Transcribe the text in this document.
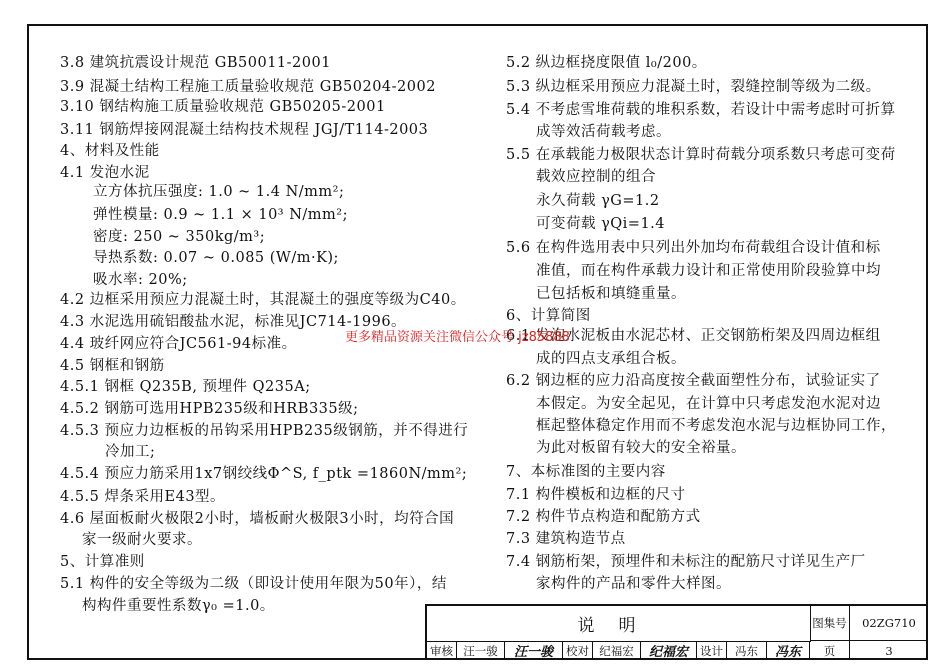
3.8 建筑抗震设计规范 GB50011-2001
3.9 混凝土结构工程施工质量验收规范 GB50204-2002
3.10 钢结构施工质量验收规范 GB50205-2001
3.11 钢筋焊接网混凝土结构技术规程 JGJ/T114-2003
4、材料及性能
4.1 发泡水泥
立方体抗压强度: 1.0 ~ 1.4 N/mm²;
弹性模量: 0.9 ~ 1.1 × 10³ N/mm²;
密度: 250 ~ 350kg/m³;
导热系数: 0.07 ~ 0.085 (W/m·K);
吸水率: 20%;
4.2 边框采用预应力混凝土时，其混凝土的强度等级为C40。
4.3 水泥选用硫铝酸盐水泥，标准见JC714-1996。
4.4 玻纤网应符合JC561-94标准。
4.5 钢框和钢筋
4.5.1 钢框 Q235B, 预埋件 Q235A;
4.5.2 钢筋可选用HPB235级和HRB335级;
4.5.3 预应力边框板的吊钩采用HPB235级钢筋，并不得进行
冷加工;
4.5.4 预应力筋采用1x7钢绞线Φ^S, f_ptk =1860N/mm²;
4.5.5 焊条采用E43型。
4.6 屋面板耐火极限2小时，墙板耐火极限3小时，均符合国
家一级耐火要求。
5、计算准则
5.1 构件的安全等级为二级（即设计使用年限为50年），结
构构件重要性系数γ₀ =1.0。
5.2 纵边框挠度限值 l₀/200。
5.3 纵边框采用预应力混凝土时，裂缝控制等级为二级。
5.4 不考虑雪堆荷载的堆积系数，若设计中需考虑时可折算
成等效活荷载考虑。
5.5 在承载能力极限状态计算时荷载分项系数只考虑可变荷
载效应控制的组合
永久荷载 γG=1.2
可变荷载 γQi=1.4
5.6 在构件选用表中只列出外加均布荷载组合设计值和标
准值，而在构件承载力设计和正常使用阶段验算中均
已包括板和填缝重量。
6、计算简图
6.1 发泡水泥板由水泥芯材、正交钢筋桁架及四周边框组
成的四点支承组合板。
6.2 钢边框的应力沿高度按全截面塑性分布，试验证实了
本假定。为安全起见，在计算中只考虑发泡水泥对边
框起整体稳定作用而不考虑发泡水泥与边框协同工作，
为此对板留有较大的安全裕量。
7、本标准图的主要内容
7.1 构件模板和边框的尺寸
7.2 构件节点构造和配筋方式
7.3 建筑构造节点
7.4 钢筋桁架，预埋件和未标注的配筋尺寸详见生产厂
家构件的产品和零件大样图。
更多精品资源关注微信公众号 jz85888
说明	图集号	02ZG710
审核 汪一骏	汪一骏	校对 纪福宏	纪福宏	设计	冯东	冯东	页	3
